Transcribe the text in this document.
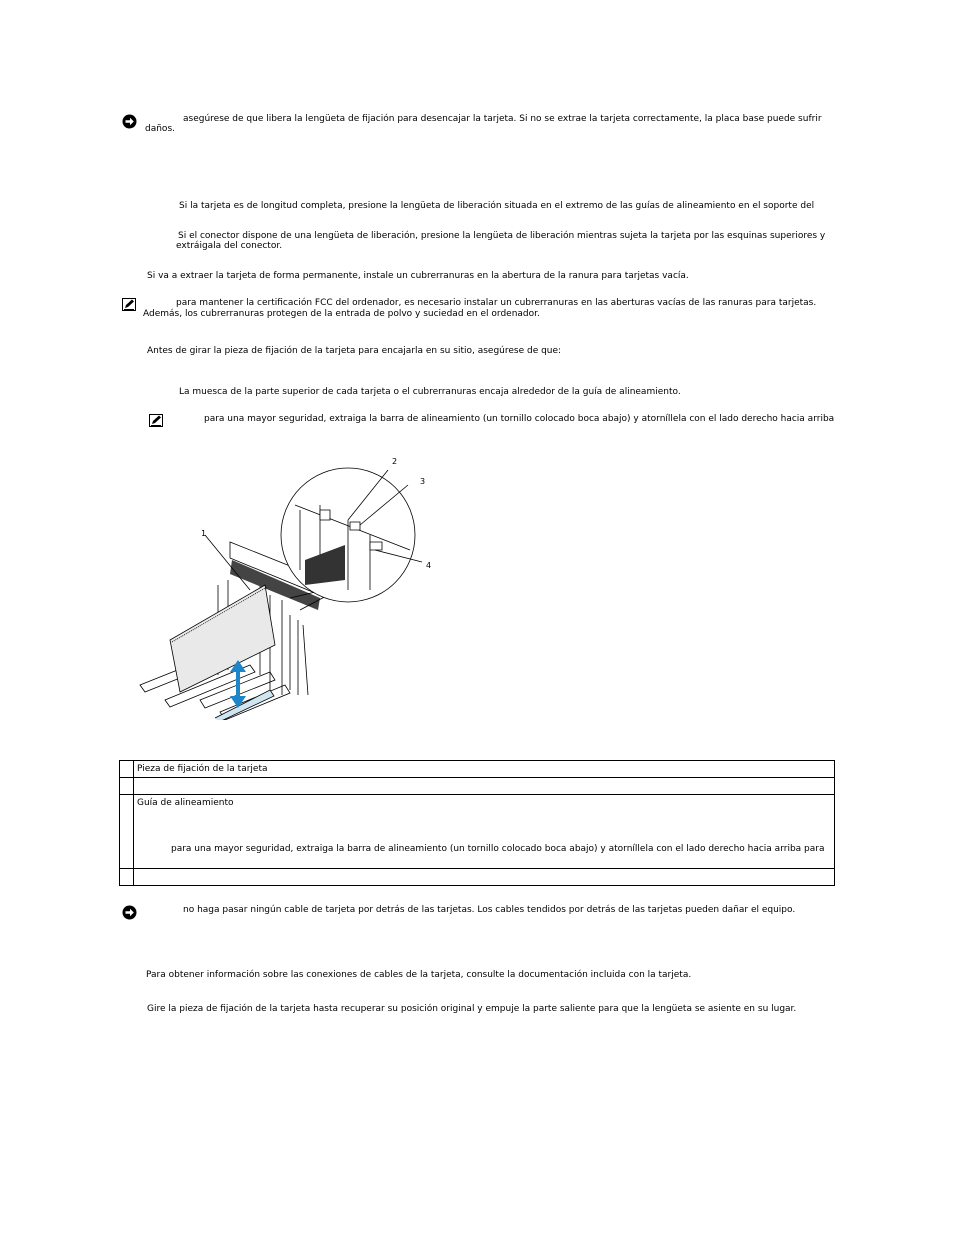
asegúrese de que libera la lengüeta de fijación para desencajar la tarjeta. Si no se extrae la tarjeta correctamente, la placa base puede sufrir
daños.
Si la tarjeta es de longitud completa, presione la lengüeta de liberación situada en el extremo de las guías de alineamiento en el soporte del
Si el conector dispone de una lengüeta de liberación, presione la lengüeta de liberación mientras sujeta la tarjeta por las esquinas superiores y
extráigala del conector.
Si va a extraer la tarjeta de forma permanente, instale un cubrerranuras en la abertura de la ranura para tarjetas vacía.
para mantener la certificación FCC del ordenador, es necesario instalar un cubrerranuras en las aberturas vacías de las ranuras para tarjetas.
Además, los cubrerranuras protegen de la entrada de polvo y suciedad en el ordenador.
Antes de girar la pieza de fijación de la tarjeta para encajarla en su sitio, asegúrese de que:
La muesca de la parte superior de cada tarjeta o el cubrerranuras encaja alrededor de la guía de alineamiento.
para una mayor seguridad, extraiga la barra de alineamiento (un tornillo colocado boca abajo) y atorníllela con el lado derecho hacia arriba
1
2
3
4

	Pieza de fijación de la tarjeta

	Guía de alineamiento
para una mayor seguridad, extraiga la barra de alineamiento (un tornillo colocado boca abajo) y atorníllela con el lado derecho hacia arriba para

no haga pasar ningún cable de tarjeta por detrás de las tarjetas. Los cables tendidos por detrás de las tarjetas pueden dañar el equipo.
Para obtener información sobre las conexiones de cables de la tarjeta, consulte la documentación incluida con la tarjeta.
Gire la pieza de fijación de la tarjeta hasta recuperar su posición original y empuje la parte saliente para que la lengüeta se asiente en su lugar.
